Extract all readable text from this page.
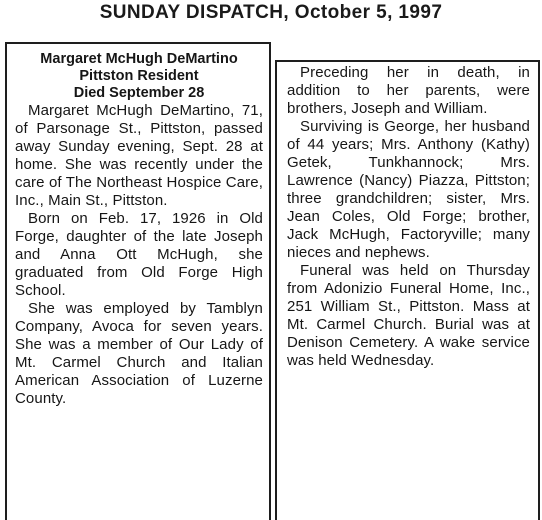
SUNDAY DISPATCH, October 5, 1997
Margaret McHugh DeMartino
Pittston Resident
Died September 28

Margaret McHugh DeMartino, 71, of Parsonage St., Pittston, passed away Sunday evening, Sept. 28 at home. She was recently under the care of The Northeast Hospice Care, Inc., Main St., Pittston.

Born on Feb. 17, 1926 in Old Forge, daughter of the late Joseph and Anna Ott McHugh, she graduated from Old Forge High School.

She was employed by Tamblyn Company, Avoca for seven years. She was a member of Our Lady of Mt. Carmel Church and Italian American Association of Luzerne County.

Preceding her in death, in addition to her parents, were brothers, Joseph and William.

Surviving is George, her husband of 44 years; Mrs. Anthony (Kathy) Getek, Tunkhannock; Mrs. Lawrence (Nancy) Piazza, Pittston; three grandchildren; sister, Mrs. Jean Coles, Old Forge; brother, Jack McHugh, Factoryville; many nieces and nephews.

Funeral was held on Thursday from Adonizio Funeral Home, Inc., 251 William St., Pittston. Mass at Mt. Carmel Church. Burial was at Denison Cemetery. A wake service was held Wednesday.
